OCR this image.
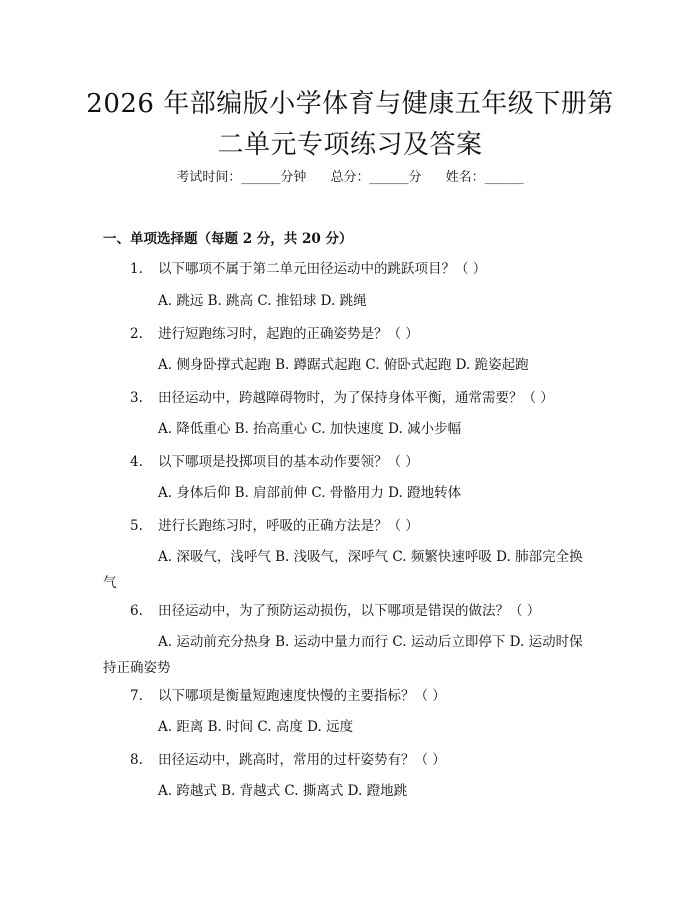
2026 年部编版小学体育与健康五年级下册第
二单元专项练习及答案
考试时间：______分钟 总分：______分 姓名：______
一、单项选择题（每题 2 分，共 20 分）
1. 以下哪项不属于第二单元田径运动中的跳跃项目？（ ）
A. 跳远 B. 跳高 C. 推铅球 D. 跳绳
2. 进行短跑练习时，起跑的正确姿势是？（ ）
A. 侧身卧撑式起跑 B. 蹲踞式起跑 C. 俯卧式起跑 D. 跪姿起跑
3. 田径运动中，跨越障碍物时，为了保持身体平衡，通常需要？（ ）
A. 降低重心 B. 抬高重心 C. 加快速度 D. 减小步幅
4. 以下哪项是投掷项目的基本动作要领？（ ）
A. 身体后仰 B. 肩部前伸 C. 骨骼用力 D. 蹬地转体
5. 进行长跑练习时，呼吸的正确方法是？（ ）
A. 深吸气，浅呼气 B. 浅吸气，深呼气 C. 频繁快速呼吸 D. 肺部完全换气
6. 田径运动中，为了预防运动损伤，以下哪项是错误的做法？（ ）
A. 运动前充分热身 B. 运动中量力而行 C. 运动后立即停下 D. 运动时保持正确姿势
7. 以下哪项是衡量短跑速度快慢的主要指标？（ ）
A. 距离 B. 时间 C. 高度 D. 远度
8. 田径运动中，跳高时，常用的过杆姿势有？（ ）
A. 跨越式 B. 背越式 C. 撕离式 D. 蹬地跳
